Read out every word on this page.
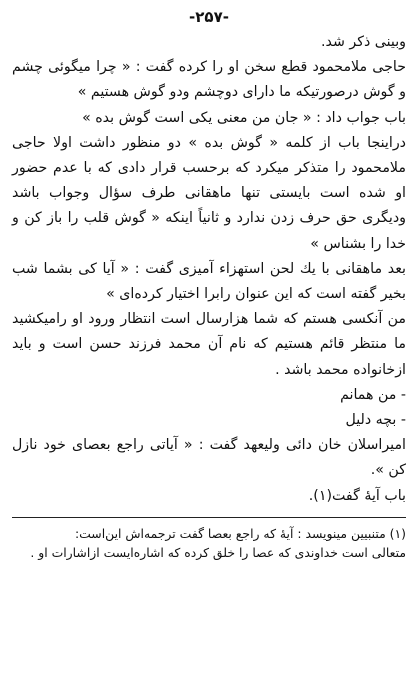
-۲۵۷-

وبینی ذکر شد.

حاجی ملامحمود قطع سخن او را کرده گفت : « چرا میگوئی چشم و گوش درصورتیکه ما دارای دوچشم ودو گوش هستیم »

باب جواب داد : « جان من معنی یکی است گوش بده »

دراینجا باب از کلمه « گوش بده » دو منظور داشت اولا حاجی ملامحمود را متذکر میکرد که برحسب قرار دادی که با عدم حضور او شده است بایستی تنها ماهقانی طرف سؤال وجواب باشد ودیگری حق حرف زدن ندارد و ثانیاً اینکه « گوش قلب را باز کن و خدا را بشناس »

بعد ماهقانی با یك لحن استهزاء آمیزی گفت : « آیا کی بشما شب بخیر گفته است که این عنوان رابرا اختیار کرده‌ای »

من آنکسی هستم که شما هزارسال است انتظار ورود او رامیکشید ما منتظر قائم هستیم که نام آن محمد فرزند حسن است و باید ازخانواده محمد باشد .

- من همانم

- بچه دلیل

امیراسلان خان دائی ولیعهد گفت : « آیاتی راجع بعصای خود نازل کن ».

باب آیهٔ گفت(۱).

(۱) متنبیین مینویسد : آیهٔ که راجع بعصا گفت ترجمه‌اش این‌است:

متعالی است خداوندی که عصا را خلق کرده که اشاره‌ایست ازاشارات او .
